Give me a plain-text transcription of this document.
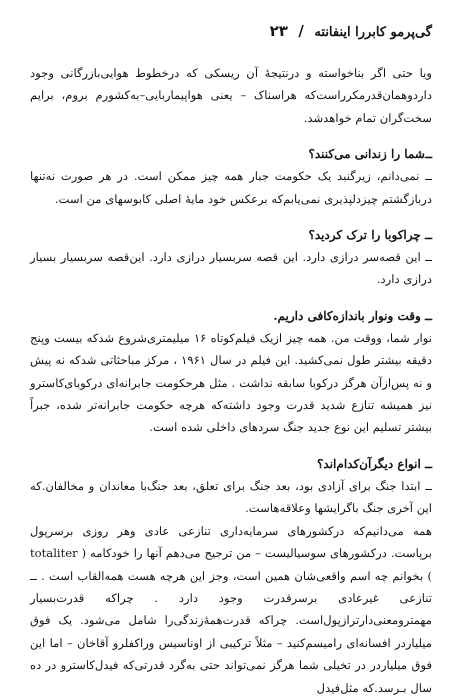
گی‌پرمو کابررا اینفانته / ۲۳

ویا حتی اگر بناخواسته و درنتیجهٔ آن ریسکی که درخطوط هوایی‌بازرگانی وجود دارد‌وهمان‌قدر‌مکرراست‌که هراسناک – یعنی هواپیماربایی–به‌کشورم بروم، برایم سخت‌گران تمام خواهدشد.

ــ‌شما را زندانی می‌کنند؟

ــ نمی‌دانم، زیرگنبد یک حکومت جبار همه چیز ممکن است. در هر صورت نه‌تنها دربازگشتم چیزدلپذیری نمی‌یابم‌که برعکس خود مایهٔ اصلی کابوسهای من است.

ــ چراکوبا را ترک کردید؟

ــ این قصه‌سر درازی دارد. این قصه سربسیار درازی دارد. این‌قصه سربسیار بسیار درازی دارد.

ــ وقت ونوار باندازه‌کافی داریم.

نوار شما، ووقت من. همه چیز ازیک فیلم‌کوتاه ۱۶ میلیمتری‌شروع شدکه بیست وپنج دقیقه بیشتر طول نمی‌کشید. این فیلم در سال ۱۹۶۱ ، مرکز مباحثاتی شدکه نه پیش و نه پس‌ازآن هرگز درکوبا سابقه نداشت . مثل هرحکومت جابرانه‌ای درکوبای‌کاسترو نیز همیشه تنازع شدید قدرت وجود داشته‌که هرچه حکومت جابرانه‌تر شده، جبراً بیشتر تسلیم این نوع جدید جنگ سردهای داخلی شده است.

ــ انواع دیگرآن‌کدام‌اند؟

ــ ابتدا جنگ برای آزادی بود، بعد جنگ برای تعلق، بعد جنگ‌با معاندان و مخالفان.که این آخری جنگ باگرایشها وعلاقه‌هاست.

همه می‌دانیم‌که درکشورهای سرمایه‌داری تنازعی عادی وهر روزی برسرپول برپاست. درکشورهای سوسیالیست – من ترجیح می‌دهم آنها را خودکامه ( totaliter ) بخوانم چه اسم واقعی‌شان همین است، وجز این هرچه هست همه‌القاب است . ــ تنازعی غیرعادی برسرقدرت وجود دارد . چراکه قدرت‌بسیار مهمترومعنی‌دارتر‌ازپول‌است. چراکه قدرت‌همهٔ‌زندگی‌را شامل می‌شود. یک فوق میلیاردر افسانه‌ای رامیسم‌کنید – مثلاً ترکیبی از اوناسیس ورا‌کفلرو آقاخان – اما این فوق میلیاردر در تخیلی شما هرگز نمی‌تواند حتی به‌گرد قدرتی‌که فیدل‌کاسترو در ده سال بـرسد.که مثل‌فیدل
